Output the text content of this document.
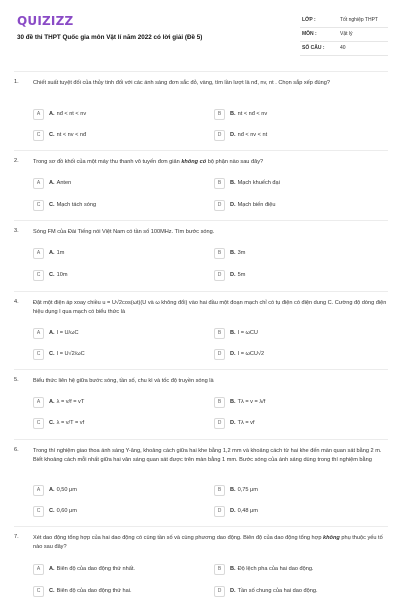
QUIZIZZ
30 đề thi THPT Quốc gia môn Vật lí năm 2022 có lời giải (Đề 5)
LỚP :	Tốt nghiệp THPT
MÔN :	Vật lý
SỐ CÂU :	40
1.	Chiết suất tuyệt đối của thủy tinh đối với các ánh sáng đơn sắc đỏ, vàng, tím lần lượt là nđ, nv, nt . Chọn sắp xếp đúng?
A	A. nđ < nt < nv	B	B. nt < nđ < nv
C	C. nt < nv < nđ	D	D. nđ < nv < nt
2.	Trong sơ đồ khối của một máy thu thanh vô tuyến đơn giản không có bộ phận nào sau đây?
A	A. Anten	B	B. Mạch khuếch đại
C	C. Mạch tách sóng	D	D. Mạch biến điệu
3.	Sóng FM của Đài Tiếng nói Việt Nam có tần số 100MHz. Tìm bước sóng.
A	A. 1m	B	B. 3m
C	C. 10m	D	D. 5m
4.	Đặt một điện áp xoay chiều u = U√2cos(ωt)(U và ω không đổi) vào hai đầu một đoạn mạch chỉ có tụ điện có điện dung C. Cường độ dòng điện hiệu dụng I qua mạch có biểu thức là
A	A. I = U/ωC	B	B. I = ωCU
C	C. I = U√2/ωC	D	D. I = ωCU√2
5.	Biểu thức liên hệ giữa bước sóng, tần số, chu kì và tốc độ truyền sóng là
A	A. λ = v/f = vT	B	B. Tλ = v = λ/f
C	C. λ = v/T = vf	D	D. Tλ = vf
6.	Trong thí nghiệm giao thoa ánh sáng Y-âng, khoảng cách giữa hai khe bằng 1,2 mm và khoảng cách từ hai khe đến màn quan sát bằng 2 m. Biết khoảng cách mỗi nhất giữa hai vân sáng quan sát được trên màn bằng 1 mm. Bước sóng của ánh sáng dùng trong thí nghiệm bằng
A	A. 0,50 μm	B	B. 0,75 μm
C	C. 0,60 μm	D	D. 0,48 μm
7.	Xét dao động tổng hợp của hai dao động có cùng tần số và cùng phương dao động. Biên độ của dao động tổng hợp không phụ thuộc yếu tố nào sau đây?
A	A. Biên độ của dao động thứ nhất.	B	B. Độ lệch pha của hai dao động.
C	C. Biên độ của dao động thứ hai.	D	D. Tần số chung của hai dao động.
